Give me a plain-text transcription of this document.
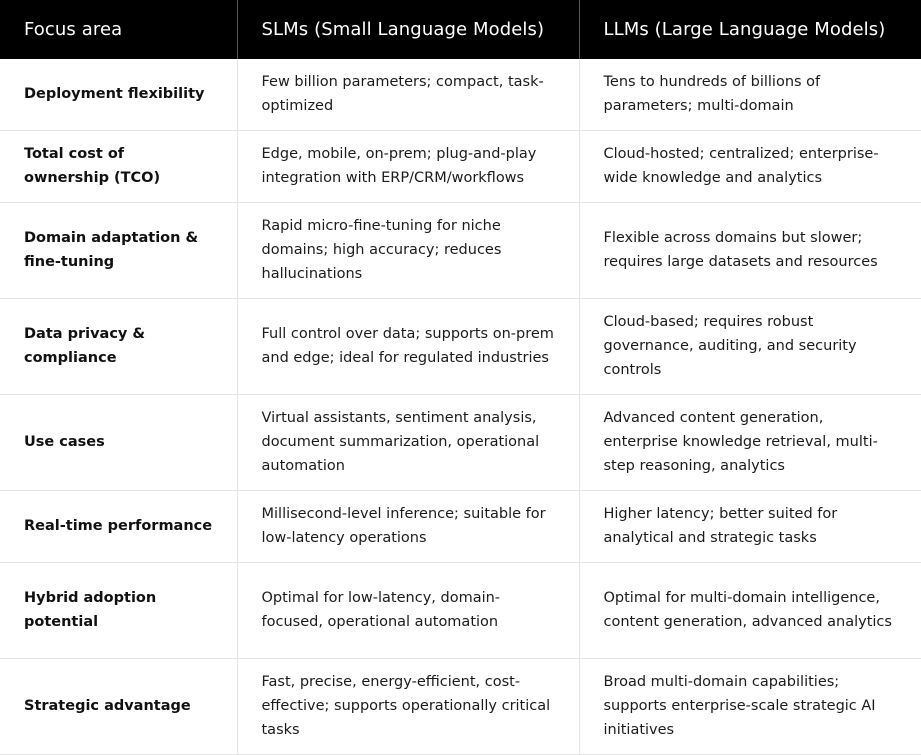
Focus area	SLMs (Small Language Models)	LLMs (Large Language Models)
Deployment flexibility	Few billion parameters; compact, task-optimized	Tens to hundreds of billions of parameters; multi-domain
Total cost of ownership (TCO)	Edge, mobile, on-prem; plug-and-play integration with ERP/CRM/workflows	Cloud-hosted; centralized; enterprise-wide knowledge and analytics
Domain adaptation & fine-tuning	Rapid micro-fine-tuning for niche domains; high accuracy; reduces hallucinations	Flexible across domains but slower; requires large datasets and resources
Data privacy & compliance	Full control over data; supports on-prem and edge; ideal for regulated industries	Cloud-based; requires robust governance, auditing, and security controls
Use cases	Virtual assistants, sentiment analysis, document summarization, operational automation	Advanced content generation, enterprise knowledge retrieval, multi-step reasoning, analytics
Real-time performance	Millisecond-level inference; suitable for low-latency operations	Higher latency; better suited for analytical and strategic tasks
Hybrid adoption potential	Optimal for low-latency, domain-focused, operational automation	Optimal for multi-domain intelligence, content generation, advanced analytics
Strategic advantage	Fast, precise, energy-efficient, cost-effective; supports operationally critical tasks	Broad multi-domain capabilities; supports enterprise-scale strategic AI initiatives
